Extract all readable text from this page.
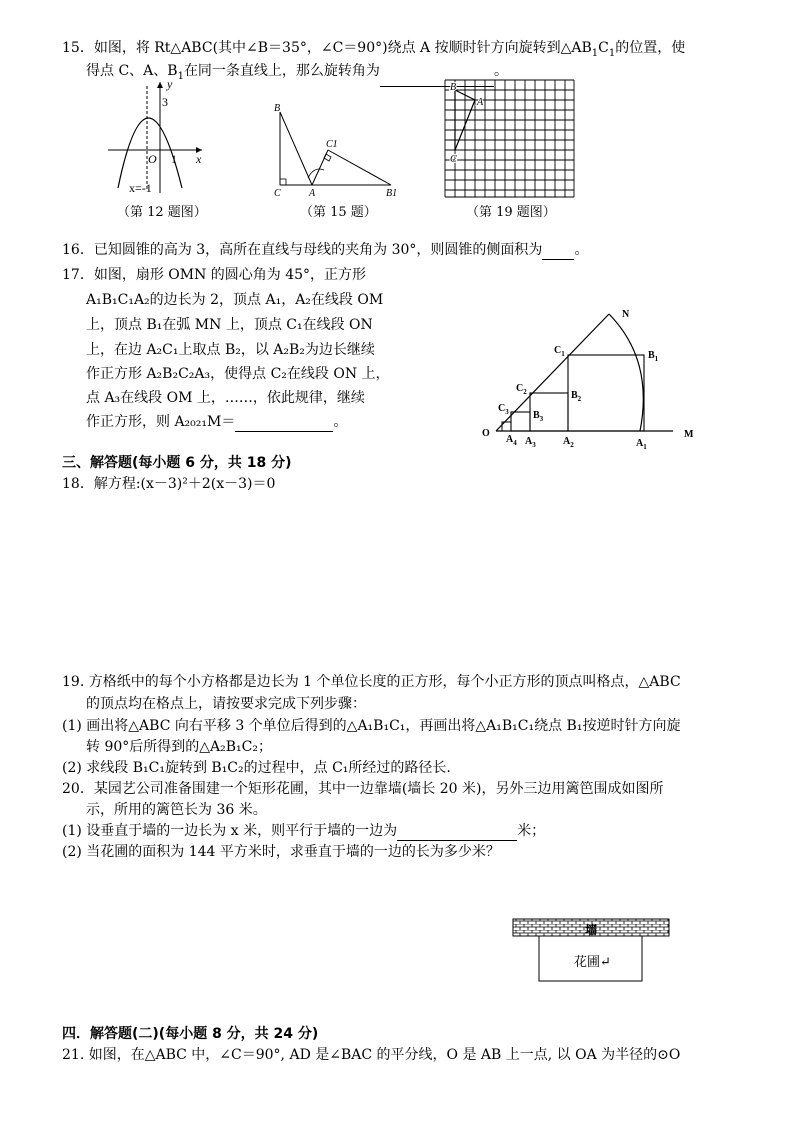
15．如图，将 Rt△ABC(其中∠B＝35°，∠C＝90°)绕点 A 按顺时针方向旋转到$\triangle AB_1C_1$的位置，使
得点 C、A、$B_1$在同一条直线上，那么旋转角为	。
y
x
O
3
1
x=-1
（第 12 题图）
B
C	A
C1
B1
（第 15 题）
B
A
C
（第 19 题图）
16．已知圆锥的高为 3，高所在直线与母线的夹角为 30°，则圆锥的侧面积为 。
17．如图，扇形 OMN 的圆心角为 45°，正方形
A₁B₁C₁A₂的边长为 2，顶点 A₁，A₂在线段 OM
上，顶点 B₁在弧 MN 上，顶点 C₁在线段 ON
上，在边 A₂C₁上取点 B₂，以 A₂B₂为边长继续
作正方形 A₂B₂C₂A₃，使得点 C₂在线段 ON 上，
点 A₃在线段 OM 上，……，依此规律，继续
作正方形，则 A₂₀₂₁M＝	。
N
M
O
$C_1$
$C_2$
$C_3$
$B_1$
$B_2$
$B_3$
$A_4$ $A_3$	$A_2$	$A_1$
三、解答题(每小题 6 分，共 18 分)
18．解方程:(x－3)²＋2(x－3)＝0
19. 方格纸中的每个小方格都是边长为 1 个单位长度的正方形，每个小正方形的顶点叫格点，△ABC
的顶点均在格点上，请按要求完成下列步骤：
(1) 画出将△ABC 向右平移 3 个单位后得到的△A₁B₁C₁，再画出将△A₁B₁C₁绕点 B₁按逆时针方向旋
转 90°后所得到的△A₂B₁C₂；
(2) 求线段 B₁C₁旋转到 B₁C₂的过程中，点 C₁所经过的路径长.
20．某园艺公司准备围建一个矩形花圃，其中一边靠墙(墙长 20 米)，另外三边用篱笆围成如图所
示，所用的篱笆长为 36 米。
(1) 设垂直于墙的一边长为 x 米，则平行于墙的一边为	米；
(2) 当花圃的面积为 144 平方米时，求垂直于墙的一边的长为多少米？
墙
花圃↵
四．解答题(二)(每小题 8 分，共 24 分)
21. 如图，在△ABC 中，∠C＝90°, AD 是∠BAC 的平分线，O 是 AB 上一点, 以 OA 为半径的⊙O
